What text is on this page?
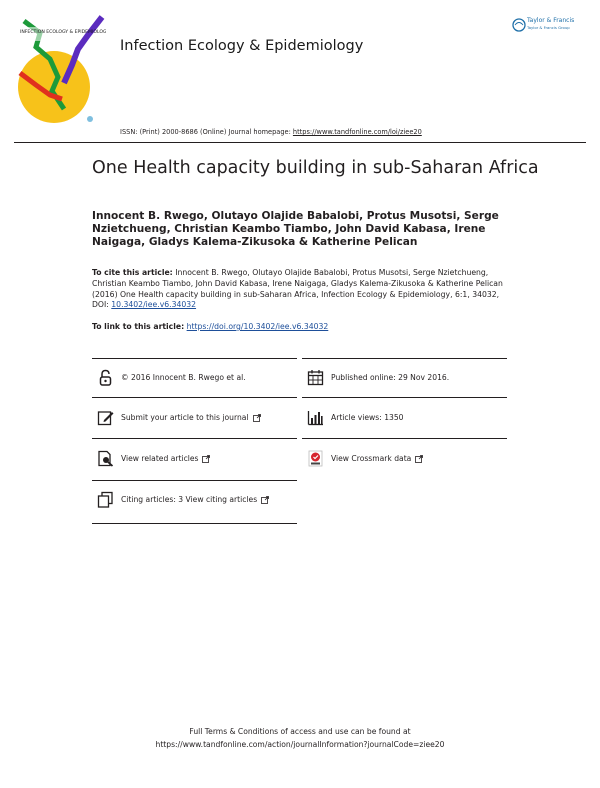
INFECTION ECOLOGY & EPIDEMIOLOGY
Infection Ecology & Epidemiology
Taylor & Francis
Taylor & Francis Group
ISSN: (Print) 2000-8686 (Online) Journal homepage: https://www.tandfonline.com/loi/ziee20
One Health capacity building in sub-Saharan Africa
Innocent B. Rwego, Olutayo Olajide Babalobi, Protus Musotsi, Serge Nzietchueng, Christian Keambo Tiambo, John David Kabasa, Irene Naigaga, Gladys Kalema-Zikusoka & Katherine Pelican
To cite this article: Innocent B. Rwego, Olutayo Olajide Babalobi, Protus Musotsi, Serge Nzietchueng, Christian Keambo Tiambo, John David Kabasa, Irene Naigaga, Gladys Kalema-Zikusoka & Katherine Pelican (2016) One Health capacity building in sub-Saharan Africa, Infection Ecology & Epidemiology, 6:1, 34032, DOI: 10.3402/iee.v6.34032
To link to this article: https://doi.org/10.3402/iee.v6.34032
© 2016 Innocent B. Rwego et al.	Published online: 29 Nov 2016.
Submit your article to this journal	Article views: 1350
View related articles	View Crossmark data
Citing articles: 3 View citing articles
Full Terms & Conditions of access and use can be found at
https://www.tandfonline.com/action/journalInformation?journalCode=ziee20
